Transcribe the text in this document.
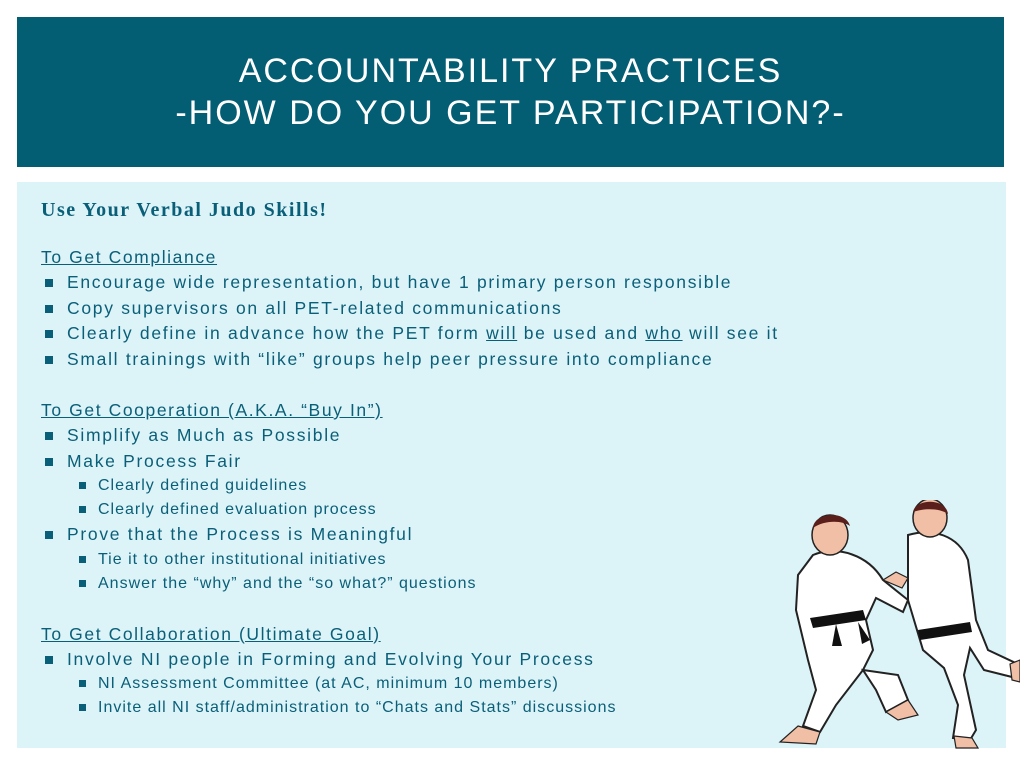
ACCOUNTABILITY PRACTICES
-HOW DO YOU GET PARTICIPATION?-
Use Your Verbal Judo Skills!
To Get Compliance
Encourage wide representation, but have 1 primary person responsible
Copy supervisors on all PET-related communications
Clearly define in advance how the PET form will be used and who will see it
Small trainings with “like” groups help peer pressure into compliance
To Get Cooperation (A.K.A. “Buy In”)
Simplify as Much as Possible
Make Process Fair
Clearly defined guidelines
Clearly defined evaluation process
Prove that the Process is Meaningful
Tie it to other institutional initiatives
Answer the “why” and the “so what?” questions
To Get Collaboration (Ultimate Goal)
Involve NI people in Forming and Evolving Your Process
NI Assessment Committee (at AC, minimum 10 members)
Invite all NI staff/administration to “Chats and Stats” discussions
